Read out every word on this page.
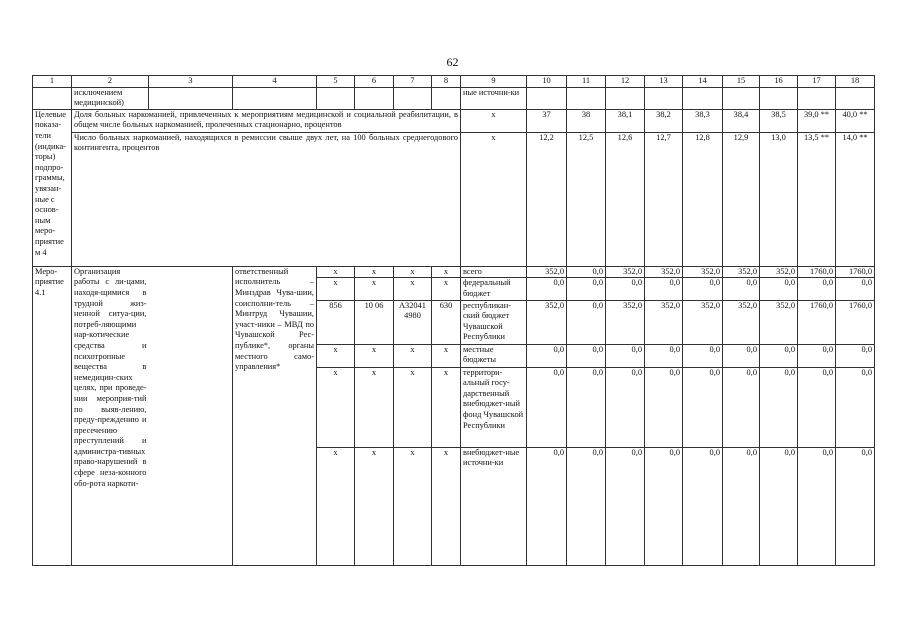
62
1	2	3	4	5	6	7	8	9	10	11	12	13	14	15	16	17	18
	исключением медицинской)							ные источни-ки									
Целевые показа-тели (индика-торы) подпро-граммы, увязан-ные с основ-ным меро-приятием 4	Доля больных наркоманией, привлеченных к мероприятиям медицинской и социальной реабилитации, в общем числе больных наркоманией, пролеченных стационарно, процентов							x	37	38	38,1	38,2	38,3	38,4	38,5	39,0 **	40,0 **
	Число больных наркоманией, находящихся в ремиссии свыше двух лет, на 100 больных среднегодового контингента, процентов							x	12,2	12,5	12,6	12,7	12,8	12,9	13,0	13,5 **	14,0 **
Меро-приятие 4.1	Организация работы с ли-цами, находя-щимися в трудной жиз-ненной ситуа-ции, потреб-ляющими нар-котические средства и психотропные вещества в немедицин-ских целях, при проведе-нии мероприя-тий по выяв-лению, преду-преждению и пресечению преступлений и администра-тивных право-нарушений в сфере неза-конного обо-рота наркоти-		ответственный исполнитель – Минздрав Чува-шии, соисполни-тель – Минтруд Чувашии, участ-ники – МВД по Чувашской Рес-публике*, органы местного само-управления*	x	x	x	x	всего	352,0	0,0	352,0	352,0	352,0	352,0	352,0	1760,0	1760,0
				x	x	x	x	федеральный бюджет	0,0	0,0	0,0	0,0	0,0	0,0	0,0	0,0	0,0
				856	10 06	А32041 4980	630	республикан-ский бюджет Чувашской Республики	352,0	0,0	352,0	352,0	352,0	352,0	352,0	1760,0	1760,0
				x	x	x	x	местные бюджеты	0,0	0,0	0,0	0,0	0,0	0,0	0,0	0,0	0,0
				x	x	x	x	территори-альный госу-дарственный внебюджет-ный фонд Чувашской Республики	0,0	0,0	0,0	0,0	0,0	0,0	0,0	0,0	0,0
				x	x	x	x	внебюджет-ные источни-ки	0,0	0,0	0,0	0,0	0,0	0,0	0,0	0,0	0,0
